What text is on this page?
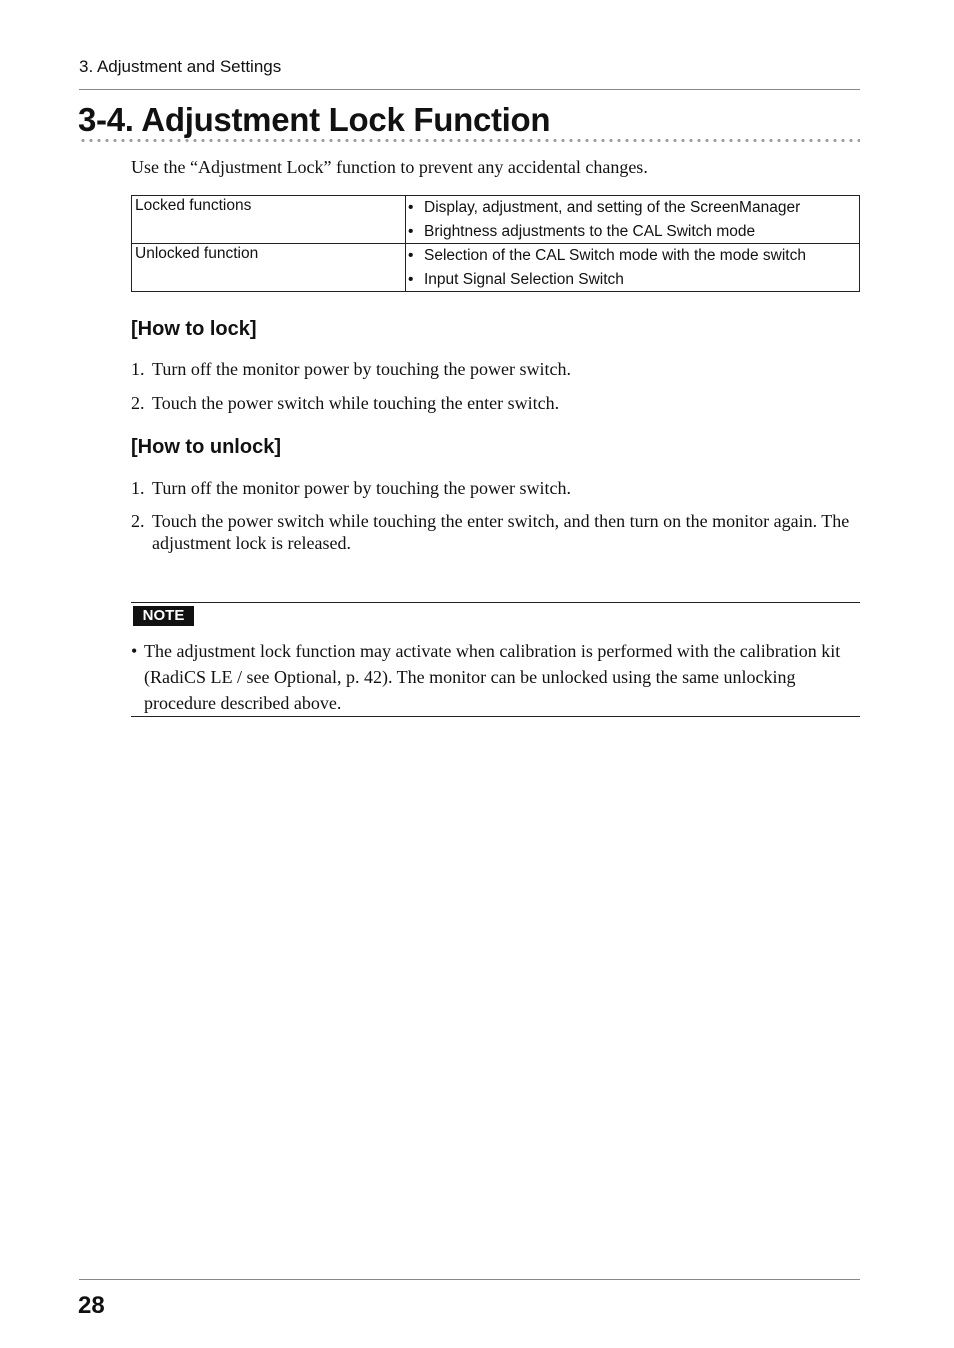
3. Adjustment and Settings
3-4. Adjustment Lock Function
Use the “Adjustment Lock” function to prevent any accidental changes.
Locked functions	• Display, adjustment, and setting of the ScreenManager
• Brightness adjustments to the CAL Switch mode

Unlocked function	• Selection of the CAL Switch mode with the mode switch
• Input Signal Selection Switch
[How to lock]
1. Turn off the monitor power by touching the power switch.
2. Touch the power switch while touching the enter switch.
[How to unlock]
1. Turn off the monitor power by touching the power switch.
2. Touch the power switch while touching the enter switch, and then turn on the monitor again. The adjustment lock is released.
NOTE
• The adjustment lock function may activate when calibration is performed with the calibration kit (RadiCS LE / see Optional, p. 42). The monitor can be unlocked using the same unlocking procedure described above.
28
